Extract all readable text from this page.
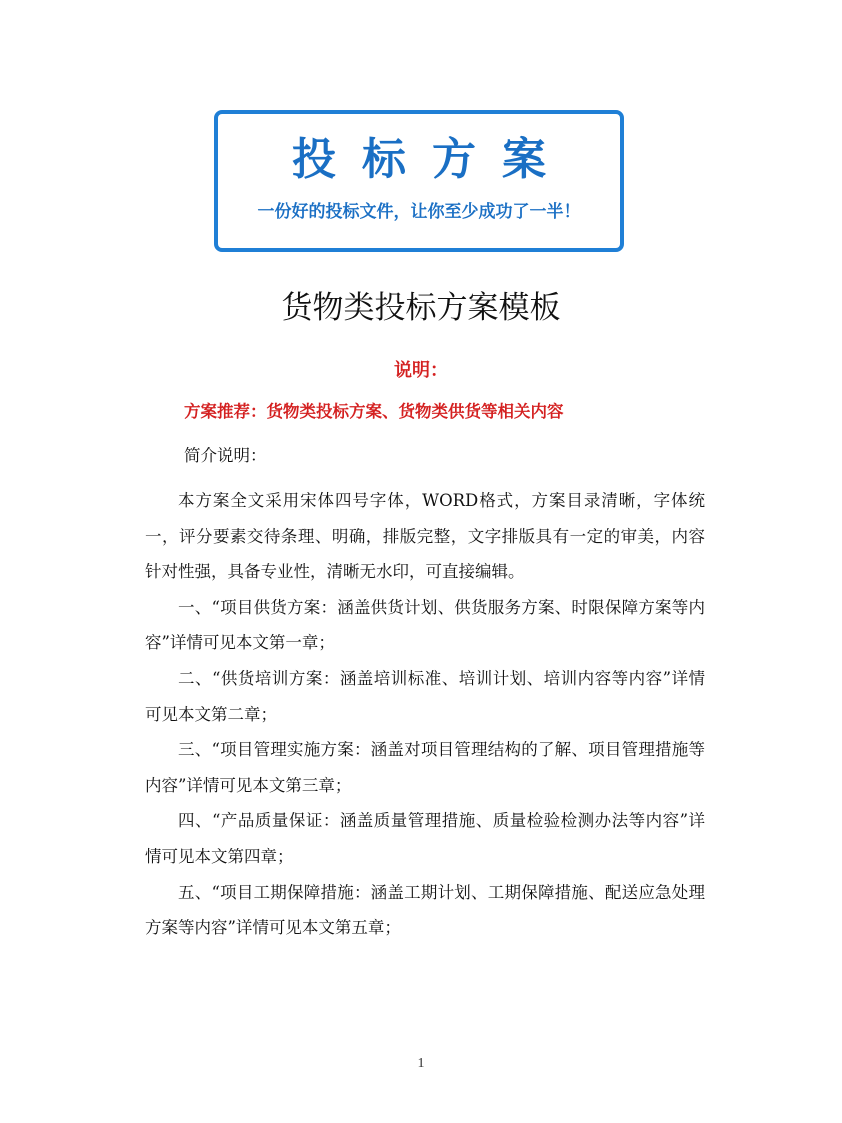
投标方案
一份好的投标文件，让你至少成功了一半！
货物类投标方案模板
说明：
方案推荐：货物类投标方案、货物类供货等相关内容
简介说明：

本方案全文采用宋体四号字体，WORD格式，方案目录清晰，字体统一，评分要素交待条理、明确，排版完整，文字排版具有一定的审美，内容针对性强，具备专业性，清晰无水印，可直接编辑。

一、“项目供货方案：涵盖供货计划、供货服务方案、时限保障方案等内容”详情可见本文第一章；

二、“供货培训方案：涵盖培训标准、培训计划、培训内容等内容”详情可见本文第二章；

三、“项目管理实施方案：涵盖对项目管理结构的了解、项目管理措施等内容”详情可见本文第三章；

四、“产品质量保证：涵盖质量管理措施、质量检验检测办法等内容”详情可见本文第四章；

五、“项目工期保障措施：涵盖工期计划、工期保障措施、配送应急处理方案等内容”详情可见本文第五章；

1
